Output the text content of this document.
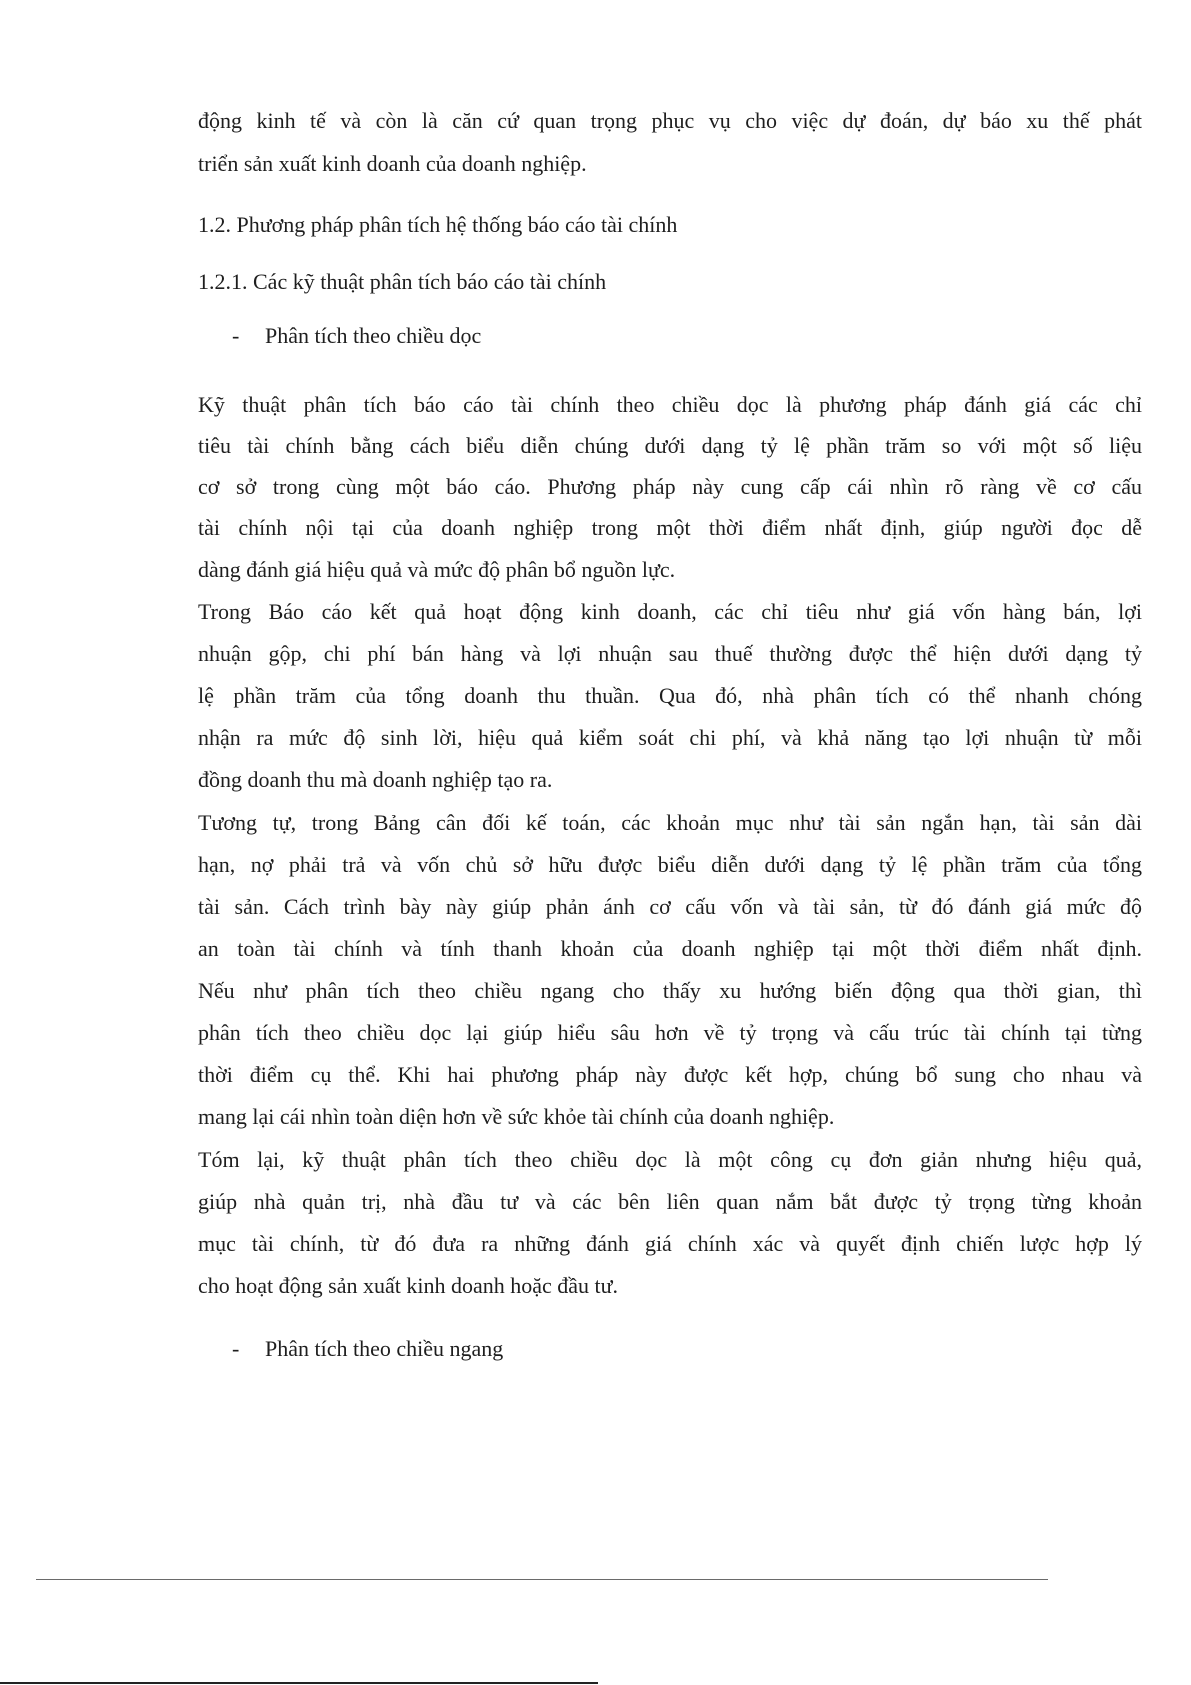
động kinh tế và còn là căn cứ quan trọng phục vụ cho việc dự đoán, dự báo xu thế phát
triển sản xuất kinh doanh của doanh nghiệp.
1.2. Phương pháp phân tích hệ thống báo cáo tài chính
1.2.1. Các kỹ thuật phân tích báo cáo tài chính
- Phân tích theo chiều dọc
Kỹ thuật phân tích báo cáo tài chính theo chiều dọc là phương pháp đánh giá các chỉ
tiêu tài chính bằng cách biểu diễn chúng dưới dạng tỷ lệ phần trăm so với một số liệu
cơ sở trong cùng một báo cáo. Phương pháp này cung cấp cái nhìn rõ ràng về cơ cấu
tài chính nội tại của doanh nghiệp trong một thời điểm nhất định, giúp người đọc dễ
dàng đánh giá hiệu quả và mức độ phân bổ nguồn lực.
Trong Báo cáo kết quả hoạt động kinh doanh, các chỉ tiêu như giá vốn hàng bán, lợi
nhuận gộp, chi phí bán hàng và lợi nhuận sau thuế thường được thể hiện dưới dạng tỷ
lệ phần trăm của tổng doanh thu thuần. Qua đó, nhà phân tích có thể nhanh chóng
nhận ra mức độ sinh lời, hiệu quả kiểm soát chi phí, và khả năng tạo lợi nhuận từ mỗi
đồng doanh thu mà doanh nghiệp tạo ra.
Tương tự, trong Bảng cân đối kế toán, các khoản mục như tài sản ngắn hạn, tài sản dài
hạn, nợ phải trả và vốn chủ sở hữu được biểu diễn dưới dạng tỷ lệ phần trăm của tổng
tài sản. Cách trình bày này giúp phản ánh cơ cấu vốn và tài sản, từ đó đánh giá mức độ
an toàn tài chính và tính thanh khoản của doanh nghiệp tại một thời điểm nhất định.
Nếu như phân tích theo chiều ngang cho thấy xu hướng biến động qua thời gian, thì
phân tích theo chiều dọc lại giúp hiểu sâu hơn về tỷ trọng và cấu trúc tài chính tại từng
thời điểm cụ thể. Khi hai phương pháp này được kết hợp, chúng bổ sung cho nhau và
mang lại cái nhìn toàn diện hơn về sức khỏe tài chính của doanh nghiệp.
Tóm lại, kỹ thuật phân tích theo chiều dọc là một công cụ đơn giản nhưng hiệu quả,
giúp nhà quản trị, nhà đầu tư và các bên liên quan nắm bắt được tỷ trọng từng khoản
mục tài chính, từ đó đưa ra những đánh giá chính xác và quyết định chiến lược hợp lý
cho hoạt động sản xuất kinh doanh hoặc đầu tư.
- Phân tích theo chiều ngang
